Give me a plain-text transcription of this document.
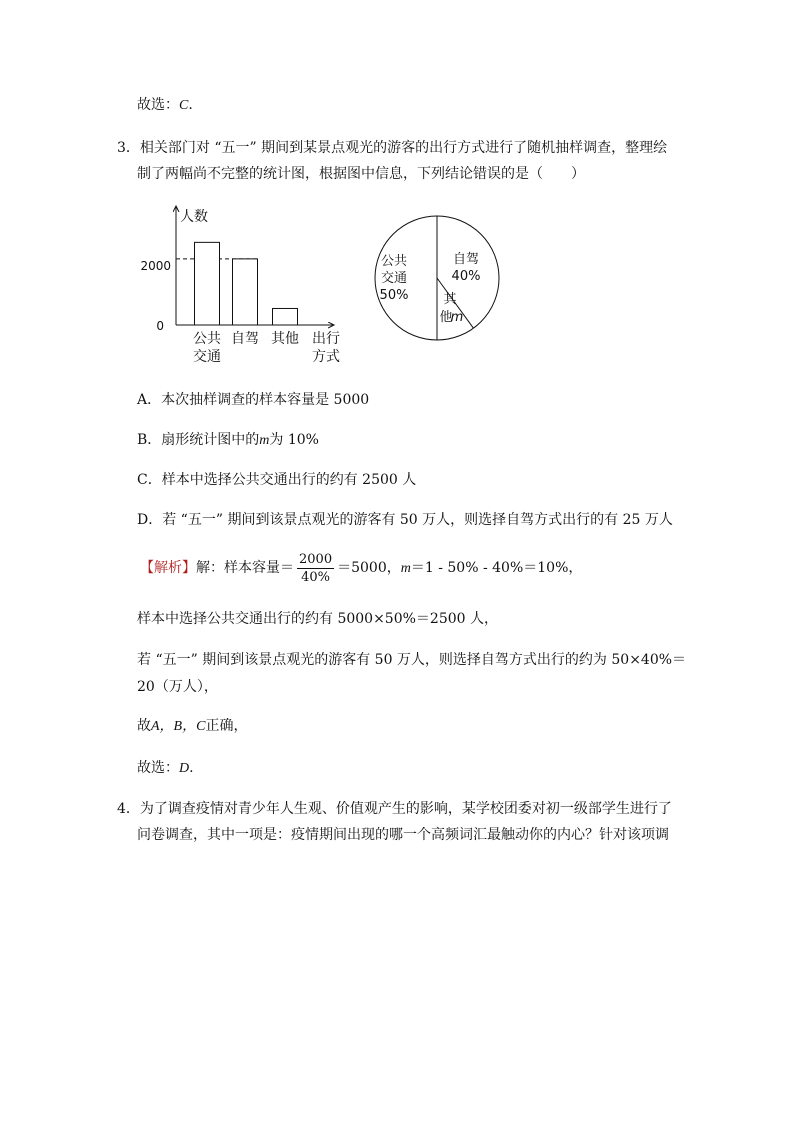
故选：C.
3．相关部门对 “五一” 期间到某景点观光的游客的出行方式进行了随机抽样调查，整理绘
制了两幅尚不完整的统计图，根据图中信息，下列结论错误的是（　　）
人数
0
2000
公共
交通
自驾 其他 出行
方式
公共
交通
50%
自驾
40%
其
他
m
A．本次抽样调查的样本容量是 5000
B．扇形统计图中的m为 10%
C．样本中选择公共交通出行的约有 2500 人
D．若 “五一” 期间到该景点观光的游客有 50 万人，则选择自驾方式出行的有 25 万人
【解析】解：样本容量＝ $\frac{2000}{40\%} =5000$，m＝1 - 50% - 40%＝10%，
样本中选择公共交通出行的约有 5000×50%＝2500 人，
若 “五一” 期间到该景点观光的游客有 50 万人，则选择自驾方式出行的约为 50×40%＝
20（万人），
故A，B，C正确，
故选：D.
4．为了调查疫情对青少年人生观、价值观产生的影响，某学校团委对初一级部学生进行了
问卷调查，其中一项是：疫情期间出现的哪一个高频词汇最触动你的内心？针对该项调
